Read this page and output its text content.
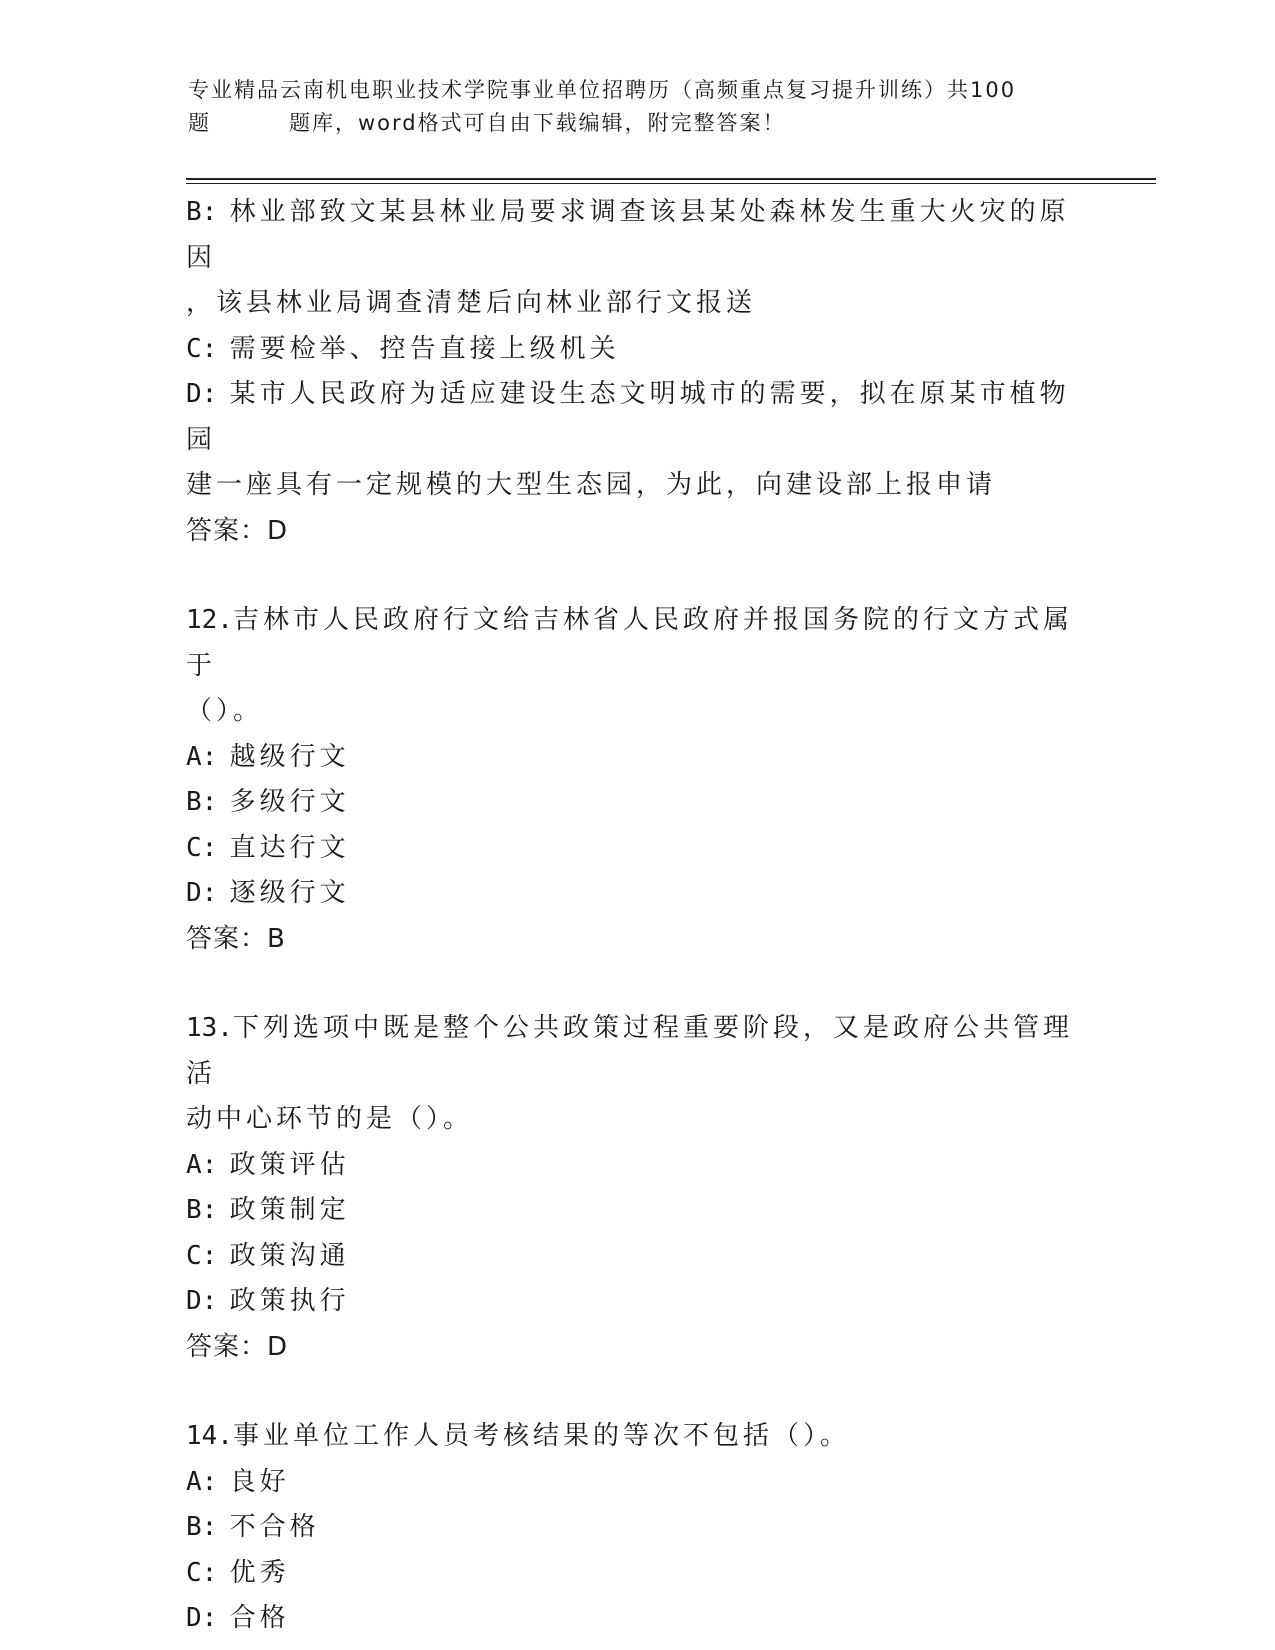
专业精品云南机电职业技术学院事业单位招聘历（高频重点复习提升训练）共100
题	题库，word格式可自由下载编辑，附完整答案！
B: 林业部致文某县林业局要求调查该县某处森林发生重大火灾的原因
，该县林业局调查清楚后向林业部行文报送
C: 需要检举、控告直接上级机关
D: 某市人民政府为适应建设生态文明城市的需要，拟在原某市植物园
建一座具有一定规模的大型生态园，为此，向建设部上报申请
答案：D
12.吉林市人民政府行文给吉林省人民政府并报国务院的行文方式属于
（）。
A: 越级行文
B: 多级行文
C: 直达行文
D: 逐级行文
答案：B
13.下列选项中既是整个公共政策过程重要阶段，又是政府公共管理活
动中心环节的是（）。
A: 政策评估
B: 政策制定
C: 政策沟通
D: 政策执行
答案：D
14.事业单位工作人员考核结果的等次不包括（）。
A: 良好
B: 不合格
C: 优秀
D: 合格
